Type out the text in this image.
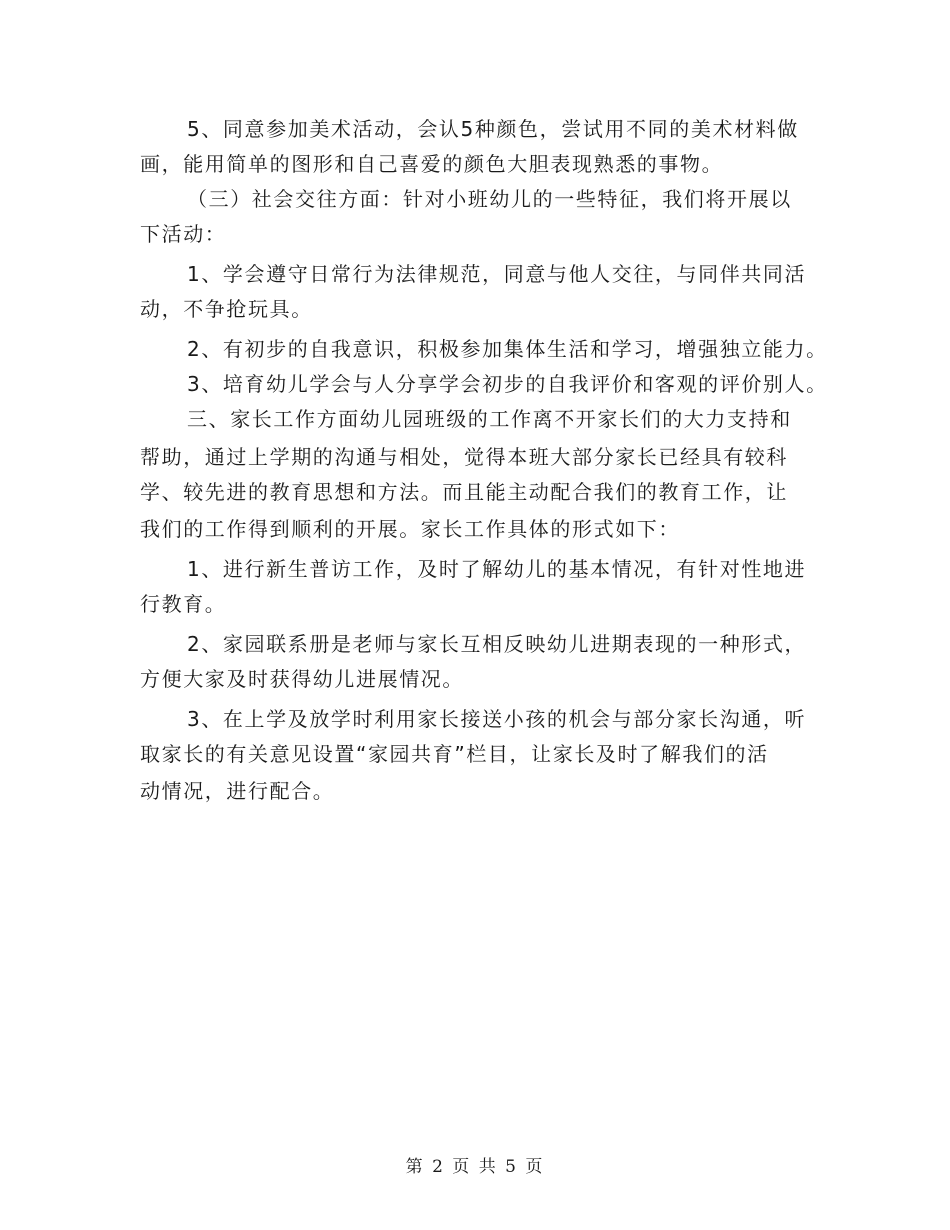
5、同意参加美术活动，会认5种颜色，尝试用不同的美术材料做
画，能用简单的图形和自己喜爱的颜色大胆表现熟悉的事物。
（三）社会交往方面：针对小班幼儿的一些特征，我们将开展以
下活动：
1、学会遵守日常行为法律规范，同意与他人交往，与同伴共同活
动，不争抢玩具。
2、有初步的自我意识，积极参加集体生活和学习，增强独立能力。
3、培育幼儿学会与人分享学会初步的自我评价和客观的评价别人。
三、家长工作方面幼儿园班级的工作离不开家长们的大力支持和
帮助，通过上学期的沟通与相处，觉得本班大部分家长已经具有较科
学、较先进的教育思想和方法。而且能主动配合我们的教育工作，让
我们的工作得到顺利的开展。家长工作具体的形式如下：
1、进行新生普访工作，及时了解幼儿的基本情况，有针对性地进
行教育。
2、家园联系册是老师与家长互相反映幼儿进期表现的一种形式，
方便大家及时获得幼儿进展情况。
3、在上学及放学时利用家长接送小孩的机会与部分家长沟通，听
取家长的有关意见设置“家园共育”栏目，让家长及时了解我们的活
动情况，进行配合。
第 2 页 共 5 页
